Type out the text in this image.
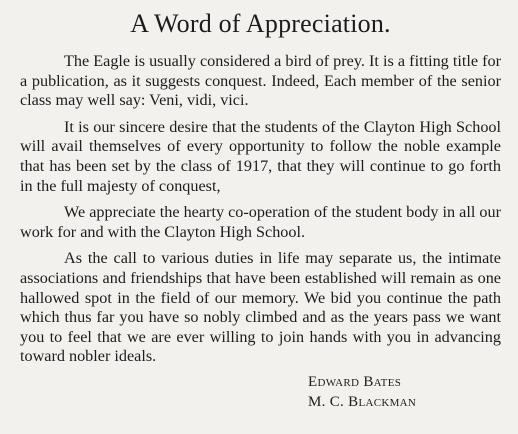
A Word of Appreciation.

The Eagle is usually considered a bird of prey. It is a fitting title for a publication, as it suggests conquest. Indeed, Each member of the senior class may well say: Veni, vidi, vici.

It is our sincere desire that the students of the Clayton High School will avail themselves of every opportunity to follow the noble example that has been set by the class of 1917, that they will continue to go forth in the full majesty of conquest,

We appreciate the hearty co-operation of the student body in all our work for and with the Clayton High School.

As the call to various duties in life may separate us, the intimate associations and friendships that have been established will remain as one hallowed spot in the field of our memory. We bid you continue the path which thus far you have so nobly climbed and as the years pass we want you to feel that we are ever willing to join hands with you in advancing toward nobler ideals.

Edward Bates
M. C. Blackman
